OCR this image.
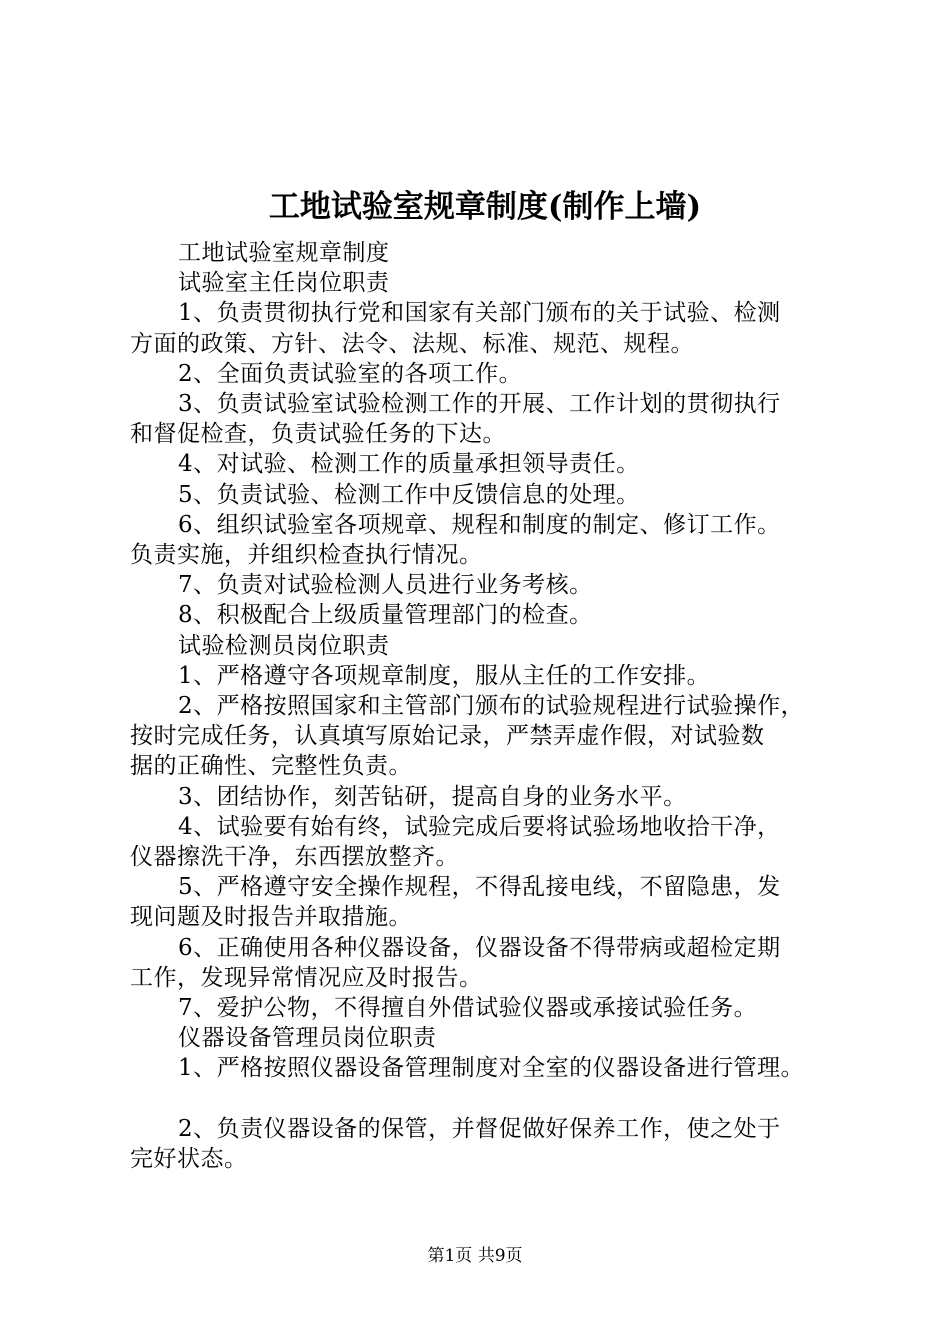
工地试验室规章制度(制作上墙)
工地试验室规章制度
试验室主任岗位职责
1、负责贯彻执行党和国家有关部门颁布的关于试验、检测
方面的政策、方针、法令、法规、标准、规范、规程。
2、全面负责试验室的各项工作。
3、负责试验室试验检测工作的开展、工作计划的贯彻执行
和督促检查，负责试验任务的下达。
4、对试验、检测工作的质量承担领导责任。
5、负责试验、检测工作中反馈信息的处理。
6、组织试验室各项规章、规程和制度的制定、修订工作。
负责实施，并组织检查执行情况。
7、负责对试验检测人员进行业务考核。
8、积极配合上级质量管理部门的检查。
试验检测员岗位职责
1、严格遵守各项规章制度，服从主任的工作安排。
2、严格按照国家和主管部门颁布的试验规程进行试验操作，
按时完成任务，认真填写原始记录，严禁弄虚作假，对试验数
据的正确性、完整性负责。
3、团结协作，刻苦钻研，提高自身的业务水平。
4、试验要有始有终，试验完成后要将试验场地收拾干净，
仪器擦洗干净，东西摆放整齐。
5、严格遵守安全操作规程，不得乱接电线，不留隐患，发
现问题及时报告并取措施。
6、正确使用各种仪器设备，仪器设备不得带病或超检定期
工作，发现异常情况应及时报告。
7、爱护公物，不得擅自外借试验仪器或承接试验任务。
仪器设备管理员岗位职责
1、严格按照仪器设备管理制度对全室的仪器设备进行管理。
2、负责仪器设备的保管，并督促做好保养工作，使之处于
完好状态。
第1页 共9页
